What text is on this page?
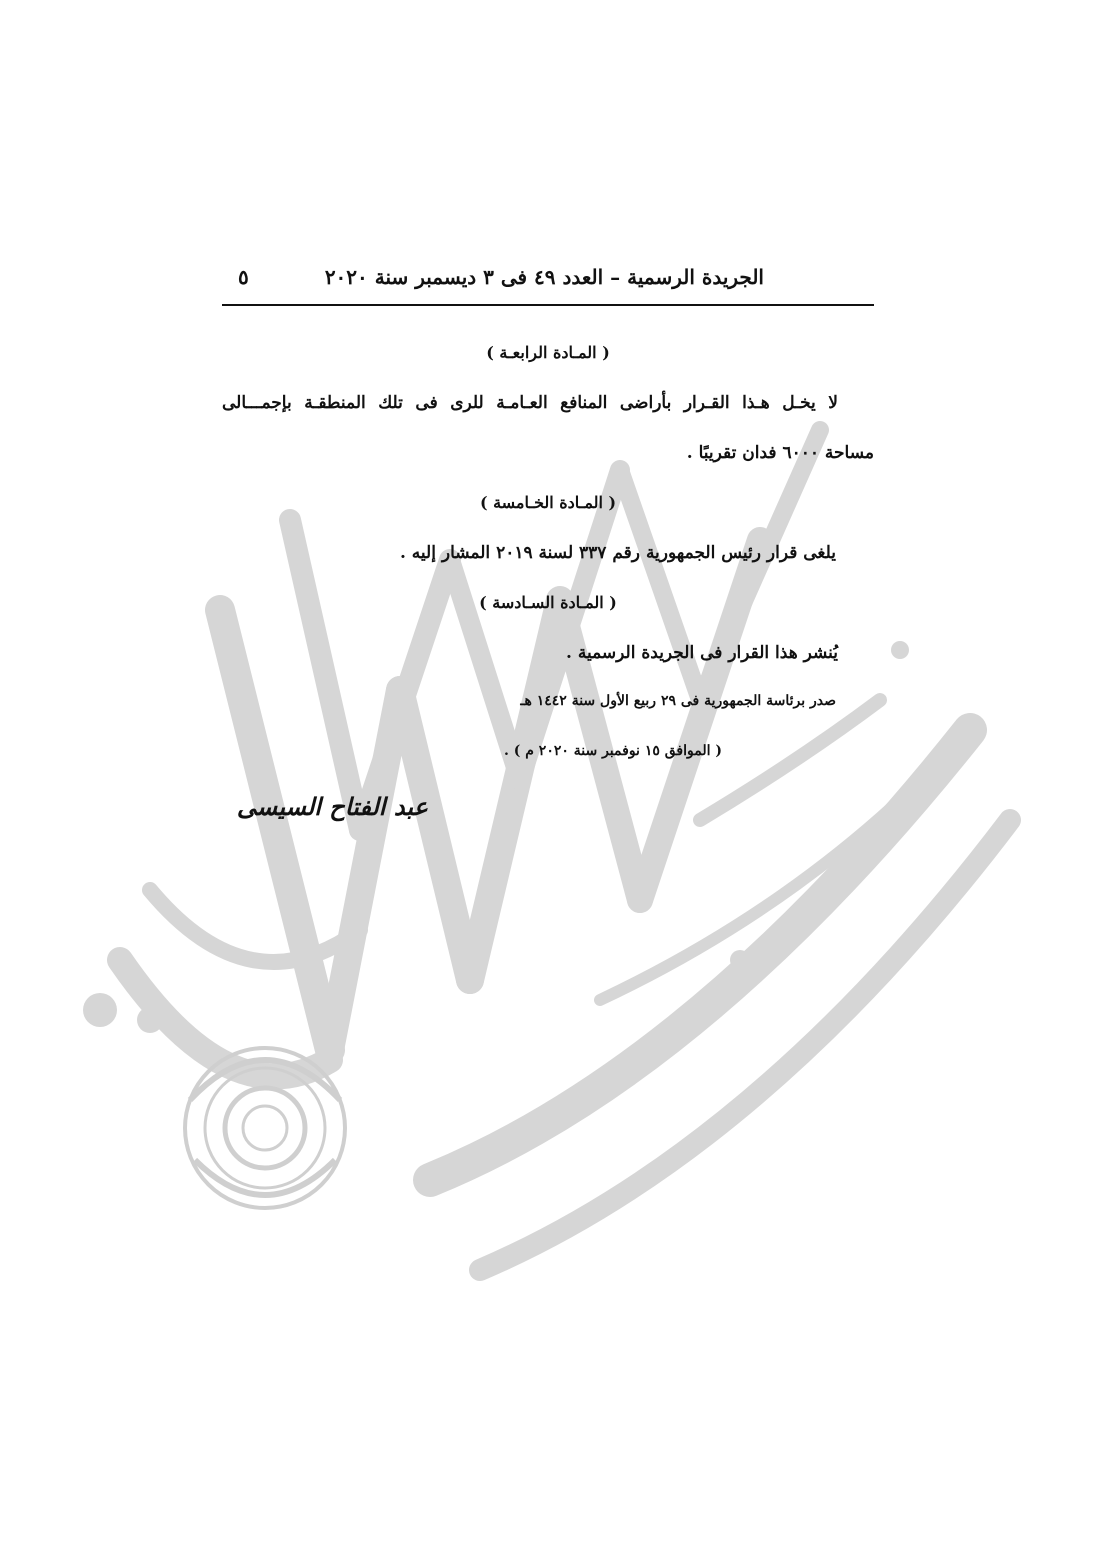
الجريدة الرسمية – العدد ٤٩ فى ٣ ديسمبر سنة ٢٠٢٠
٥
( المـادة الرابعـة )
لا يخـل هـذا القـرار بأراضى المنافع العـامـة للرى فى تلك المنطقـة بإجمـــالى
مساحة ٦٠٠٠ فدان تقريبًا .
( المـادة الخـامسة )
يلغى قرار رئيس الجمهورية رقم ٣٣٧ لسنة ٢٠١٩ المشار إليه .
( المـادة السـادسة )
يُنشر هذا القرار فى الجريدة الرسمية .
صدر برئاسة الجمهورية فى ٢٩ ربيع الأول سنة ١٤٤٢ هـ
( الموافق ١٥ نوفمبر سنة ٢٠٢٠ م ) .
عبد الفتاح السيسى
